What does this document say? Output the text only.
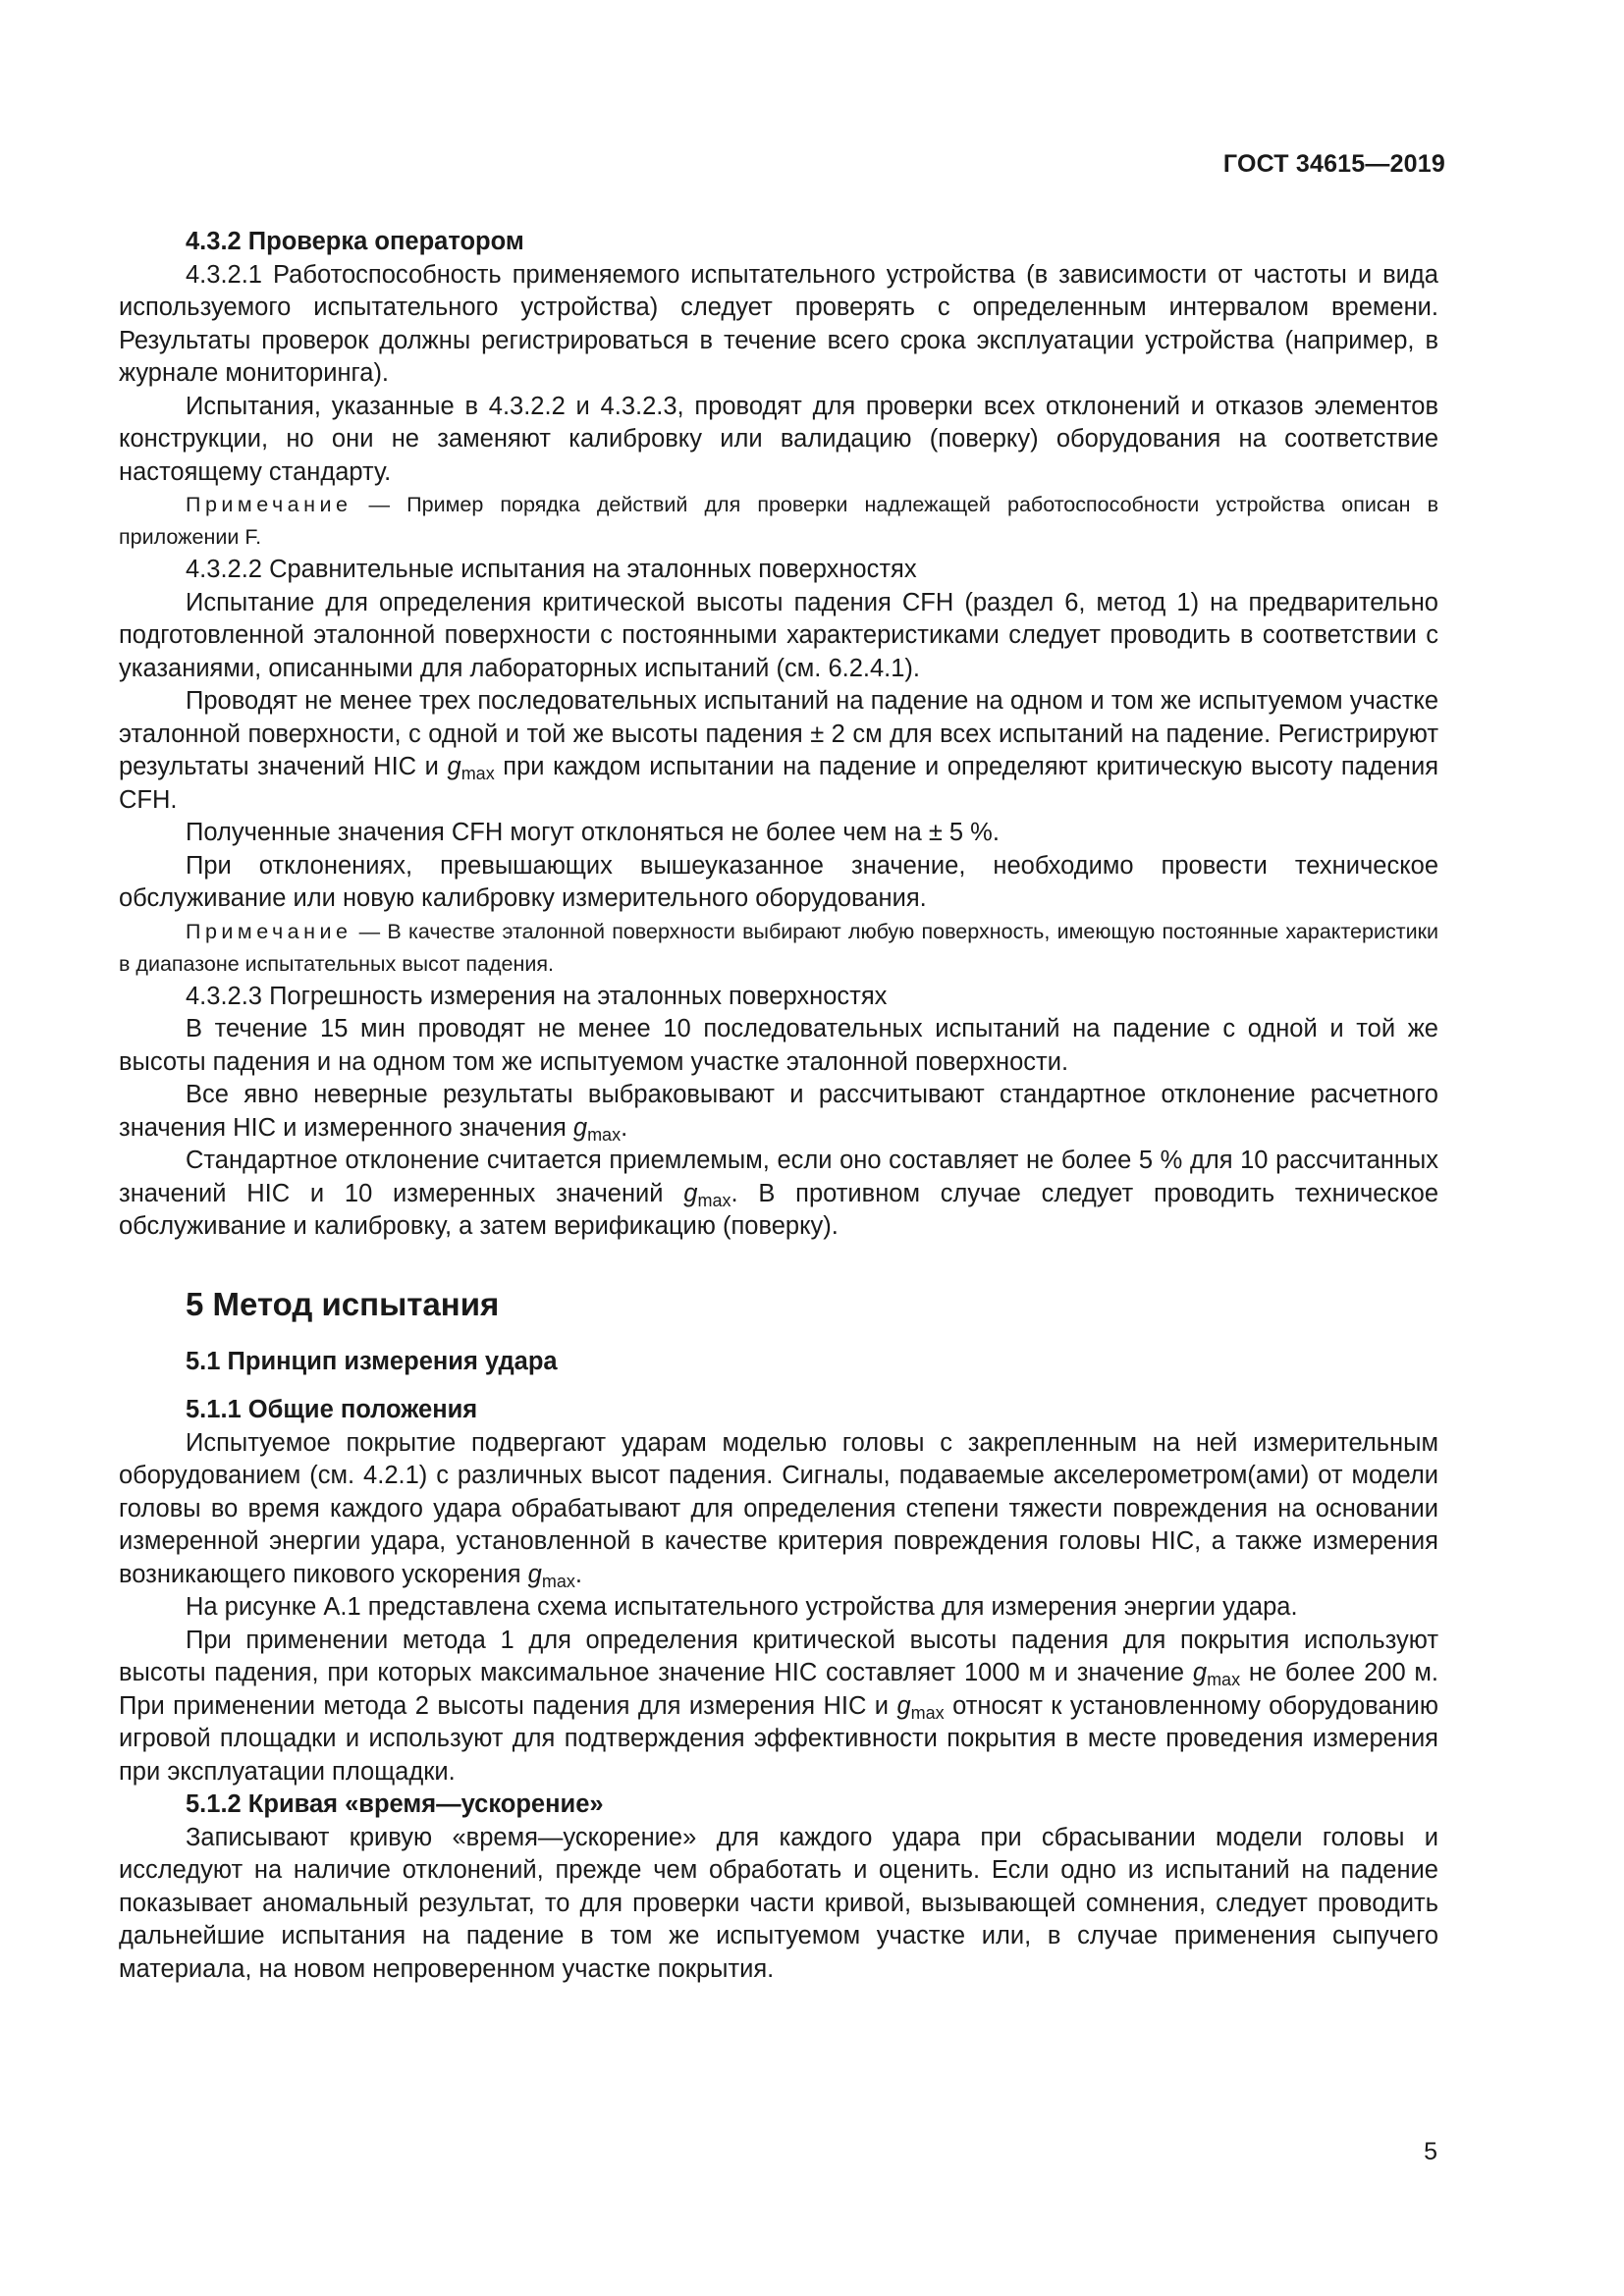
ГОСТ 34615—2019
4.3.2 Проверка оператором

4.3.2.1 Работоспособность применяемого испытательного устройства (в зависимости от частоты и вида используемого испытательного устройства) следует проверять с определенным интервалом времени. Результаты проверок должны регистрироваться в течение всего срока эксплуатации устройства (например, в журнале мониторинга).

Испытания, указанные в 4.3.2.2 и 4.3.2.3, проводят для проверки всех отклонений и отказов элементов конструкции, но они не заменяют калибровку или валидацию (поверку) оборудования на соответствие настоящему стандарту.

Примечание — Пример порядка действий для проверки надлежащей работоспособности устройства описан в приложении F.

4.3.2.2 Сравнительные испытания на эталонных поверхностях

Испытание для определения критической высоты падения CFH (раздел 6, метод 1) на предварительно подготовленной эталонной поверхности с постоянными характеристиками следует проводить в соответствии с указаниями, описанными для лабораторных испытаний (см. 6.2.4.1).

Проводят не менее трех последовательных испытаний на падение на одном и том же испытуемом участке эталонной поверхности, с одной и той же высоты падения ± 2 см для всех испытаний на падение. Регистрируют результаты значений HIC и $g_{max}$ при каждом испытании на падение и определяют критическую высоту падения CFH.

Полученные значения CFH могут отклоняться не более чем на ± 5 %.

При отклонениях, превышающих вышеуказанное значение, необходимо провести техническое обслуживание или новую калибровку измерительного оборудования.

Примечание — В качестве эталонной поверхности выбирают любую поверхность, имеющую постоянные характеристики в диапазоне испытательных высот падения.

4.3.2.3 Погрешность измерения на эталонных поверхностях

В течение 15 мин проводят не менее 10 последовательных испытаний на падение с одной и той же высоты падения и на одном том же испытуемом участке эталонной поверхности.

Все явно неверные результаты выбраковывают и рассчитывают стандартное отклонение расчетного значения HIC и измеренного значения $g_{max}$.

Стандартное отклонение считается приемлемым, если оно составляет не более 5 % для 10 рассчитанных значений HIC и 10 измеренных значений $g_{max}$. В противном случае следует проводить техническое обслуживание и калибровку, а затем верификацию (поверку).

5 Метод испытания
5.1 Принцип измерения удара
5.1.1 Общие положения

Испытуемое покрытие подвергают ударам моделью головы с закрепленным на ней измерительным оборудованием (см. 4.2.1) с различных высот падения. Сигналы, подаваемые акселерометром(ами) от модели головы во время каждого удара обрабатывают для определения степени тяжести повреждения на основании измеренной энергии удара, установленной в качестве критерия повреждения головы HIC, а также измерения возникающего пикового ускорения $g_{max}$.

На рисунке А.1 представлена схема испытательного устройства для измерения энергии удара.

При применении метода 1 для определения критической высоты падения для покрытия используют высоты падения, при которых максимальное значение HIC составляет 1000 м и значение $g_{max}$ не более 200 м. При применении метода 2 высоты падения для измерения HIC и $g_{max}$ относят к установленному оборудованию игровой площадки и используют для подтверждения эффективности покрытия в месте проведения измерения при эксплуатации площадки.

5.1.2 Кривая «время—ускорение»

Записывают кривую «время—ускорение» для каждого удара при сбрасывании модели головы и исследуют на наличие отклонений, прежде чем обработать и оценить. Если одно из испытаний на падение показывает аномальный результат, то для проверки части кривой, вызывающей сомнения, следует проводить дальнейшие испытания на падение в том же испытуемом участке или, в случае применения сыпучего материала, на новом непроверенном участке покрытия.

5
